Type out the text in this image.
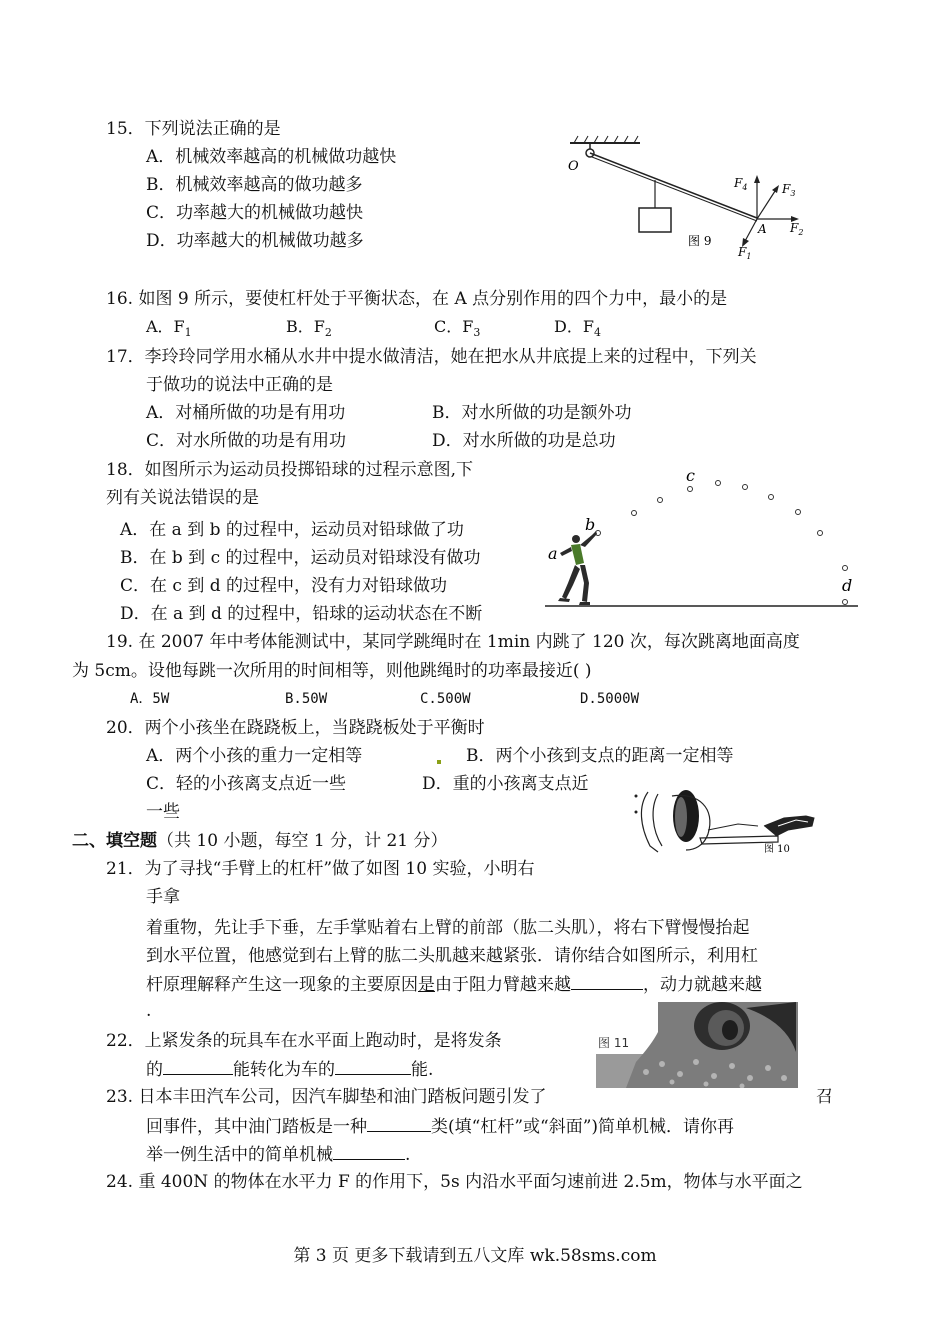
15．下列说法正确的是
A．机械效率越高的机械做功越快
B．机械效率越高的做功越多
C．功率越大的机械做功越快
D．功率越大的机械做功越多
O
A
$F_4$	$F_3$
$F_2$
$F_1$
图 9
16. 如图 9 所示，要使杠杆处于平衡状态，在 A 点分别作用的四个力中，最小的是
A．$F_1$	B．$F_2$	C．$F_3$	D．$F_4$
17．李玲玲同学用水桶从水井中提水做清洁，她在把水从井底提上来的过程中，下列关
于做功的说法中正确的是
A．对桶所做的功是有用功	B．对水所做的功是额外功
C．对水所做的功是有用功	D．对水所做的功是总功
18．如图所示为运动员投掷铅球的过程示意图,下
列有关说法错误的是
A．在 a 到 b 的过程中，运动员对铅球做了功
B．在 b 到 c 的过程中，运动员对铅球没有做功
C．在 c 到 d 的过程中，没有力对铅球做功
D．在 a 到 d 的过程中，铅球的运动状态在不断
a
b
c
d
19. 在 2007 年中考体能测试中，某同学跳绳时在 1min 内跳了 120 次，每次跳离地面高度
为 5cm。设他每跳一次所用的时间相等，则他跳绳时的功率最接近( )
A．5W	B.50W	C.500W	D.5000W
20．两个小孩坐在跷跷板上，当跷跷板处于平衡时
A．两个小孩的重力一定相等	B．两个小孩到支点的距离一定相等
C．轻的小孩离支点近一些	D．重的小孩离支点近
一些
二、填空题（共 10 小题，每空 1 分，计 21 分）	图 10
21．为了寻找“手臂上的杠杆”做了如图 10 实验，小明右
手拿
着重物，先让手下垂，左手掌贴着右上臂的前部（肱二头肌），将右下臂慢慢抬起
到水平位置，他感觉到右上臂的肱二头肌越来越紧张．请你结合如图所示，利用杠
杆原理解释产生这一现象的主要原因是由于阻力臂越来越	，动力就越来越
.
图 11
22．上紧发条的玩具车在水平面上跑动时，是将发条
的	能转化为车的	能.
23. 日本丰田汽车公司，因汽车脚垫和油门踏板问题引发了	召
回事件，其中油门踏板是一种	类(填“杠杆”或“斜面”)简单机械．请你再
举一例生活中的简单机械	.
24. 重 400N 的物体在水平力 F 的作用下，5s 内沿水平面匀速前进 2.5m，物体与水平面之
第 3 页 更多下载请到五八文库 wk.58sms.com
